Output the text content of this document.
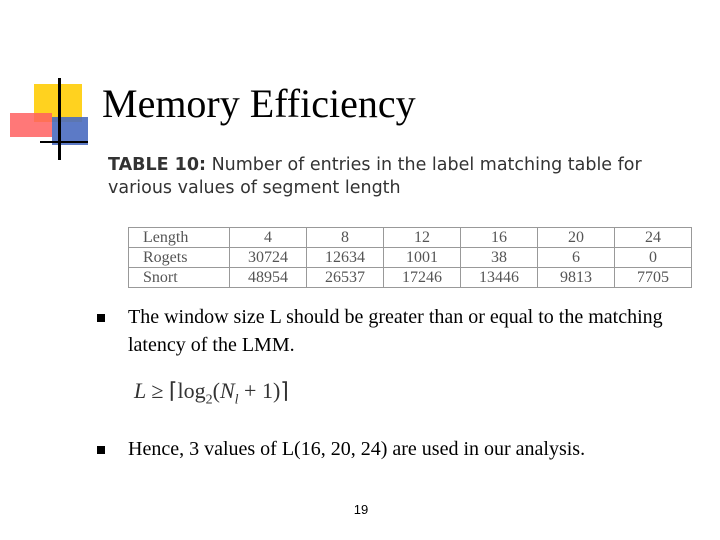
Memory Efficiency
TABLE 10: Number of entries in the label matching table for various values of segment length
Length	4	8	12	16	20	24
Rogets	30724	12634	1001	38	6	0
Snort	48954	26537	17246	13446	9813	7705
The window size L should be greater than or equal to the matching latency of the LMM.
$L \ge ⌈\log_2(N_l$ + 1)⌉
Hence, 3 values of L(16, 20, 24) are used in our analysis.
19
